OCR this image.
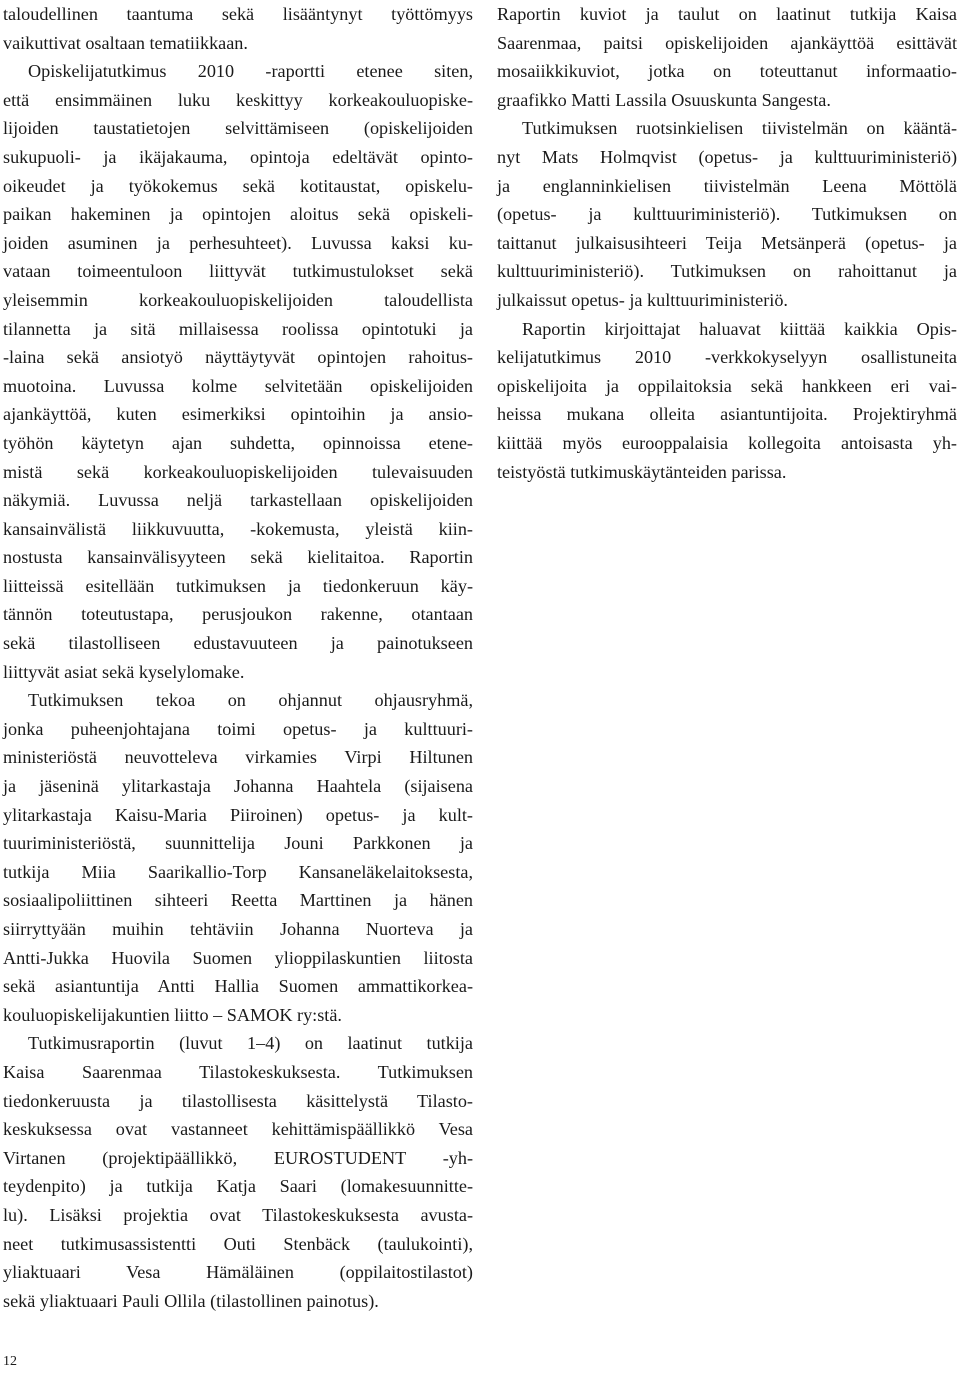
taloudellinen taantuma sekä lisääntynyt työttömyys
vaikuttivat osaltaan tematiikkaan.

Opiskelijatutkimus 2010 -raportti etenee siten,
että ensimmäinen luku keskittyy korkeakouluopiske-
lijoiden taustatietojen selvittämiseen (opiskelijoiden
sukupuoli- ja ikäjakauma, opintoja edeltävät opinto-
oikeudet ja työkokemus sekä kotitaustat, opiskelu-
paikan hakeminen ja opintojen aloitus sekä opiskeli-
joiden asuminen ja perhesuhteet). Luvussa kaksi ku-
vataan toimeentuloon liittyvät tutkimustulokset sekä
yleisemmin korkeakouluopiskelijoiden taloudellista
tilannetta ja sitä millaisessa roolissa opintotuki ja
-laina sekä ansiotyö näyttäytyvät opintojen rahoitus-
muotoina. Luvussa kolme selvitetään opiskelijoiden
ajankäyttöä, kuten esimerkiksi opintoihin ja ansio-
työhön käytetyn ajan suhdetta, opinnoissa etene-
mistä sekä korkeakouluopiskelijoiden tulevaisuuden
näkymiä. Luvussa neljä tarkastellaan opiskelijoiden
kansainvälistä liikkuvuutta, -kokemusta, yleistä kiin-
nostusta kansainvälisyyteen sekä kielitaitoa. Raportin
liitteissä esitellään tutkimuksen ja tiedonkeruun käy-
tännön toteutustapa, perusjoukon rakenne, otantaan
sekä tilastolliseen edustavuuteen ja painotukseen
liittyvät asiat sekä kyselylomake.

Tutkimuksen tekoa on ohjannut ohjausryhmä,
jonka puheenjohtajana toimi opetus- ja kulttuuri-
ministeriöstä neuvotteleva virkamies Virpi Hiltunen
ja jäseninä ylitarkastaja Johanna Haahtela (sijaisena
ylitarkastaja Kaisu-Maria Piiroinen) opetus- ja kult-
tuuriministeriöstä, suunnittelija Jouni Parkkonen ja
tutkija Miia Saarikallio-Torp Kansaneläkelaitoksesta,
sosiaalipoliittinen sihteeri Reetta Marttinen ja hänen
siirryttyään muihin tehtäviin Johanna Nuorteva ja
Antti-Jukka Huovila Suomen ylioppilaskuntien liitosta
sekä asiantuntija Antti Hallia Suomen ammattikorkea-
kouluopiskelijakuntien liitto – SAMOK ry:stä.

Tutkimusraportin (luvut 1–4) on laatinut tutkija
Kaisa Saarenmaa Tilastokeskuksesta. Tutkimuksen
tiedonkeruusta ja tilastollisesta käsittelystä Tilasto-
keskuksessa ovat vastanneet kehittämispäällikkö Vesa
Virtanen (projektipäällikkö, EUROSTUDENT -yh-
teydenpito) ja tutkija Katja Saari (lomakesuunnitte-
lu). Lisäksi projektia ovat Tilastokeskuksesta avusta-
neet tutkimusassistentti Outi Stenbäck (taulukointi),
yliaktuaari Vesa Hämäläinen (oppilaitostilastot)
sekä yliaktuaari Pauli Ollila (tilastollinen painotus).

Raportin kuviot ja taulut on laatinut tutkija Kaisa
Saarenmaa, paitsi opiskelijoiden ajankäyttöä esittävät
mosaiikkikuviot, jotka on toteuttanut informaatio-
graafikko Matti Lassila Osuuskunta Sangesta.

Tutkimuksen ruotsinkielisen tiivistelmän on kääntä-
nyt Mats Holmqvist (opetus- ja kulttuuriministeriö)
ja englanninkielisen tiivistelmän Leena Möttölä
(opetus- ja kulttuuriministeriö). Tutkimuksen on
taittanut julkaisusihteeri Teija Metsänperä (opetus- ja
kulttuuriministeriö). Tutkimuksen on rahoittanut ja
julkaissut opetus- ja kulttuuriministeriö.

Raportin kirjoittajat haluavat kiittää kaikkia Opis-
kelijatutkimus 2010 -verkkokyselyyn osallistuneita
opiskelijoita ja oppilaitoksia sekä hankkeen eri vai-
heissa mukana olleita asiantuntijoita. Projektiryhmä
kiittää myös eurooppalaisia kollegoita antoisasta yh-
teistyöstä tutkimuskäytänteiden parissa.

12
